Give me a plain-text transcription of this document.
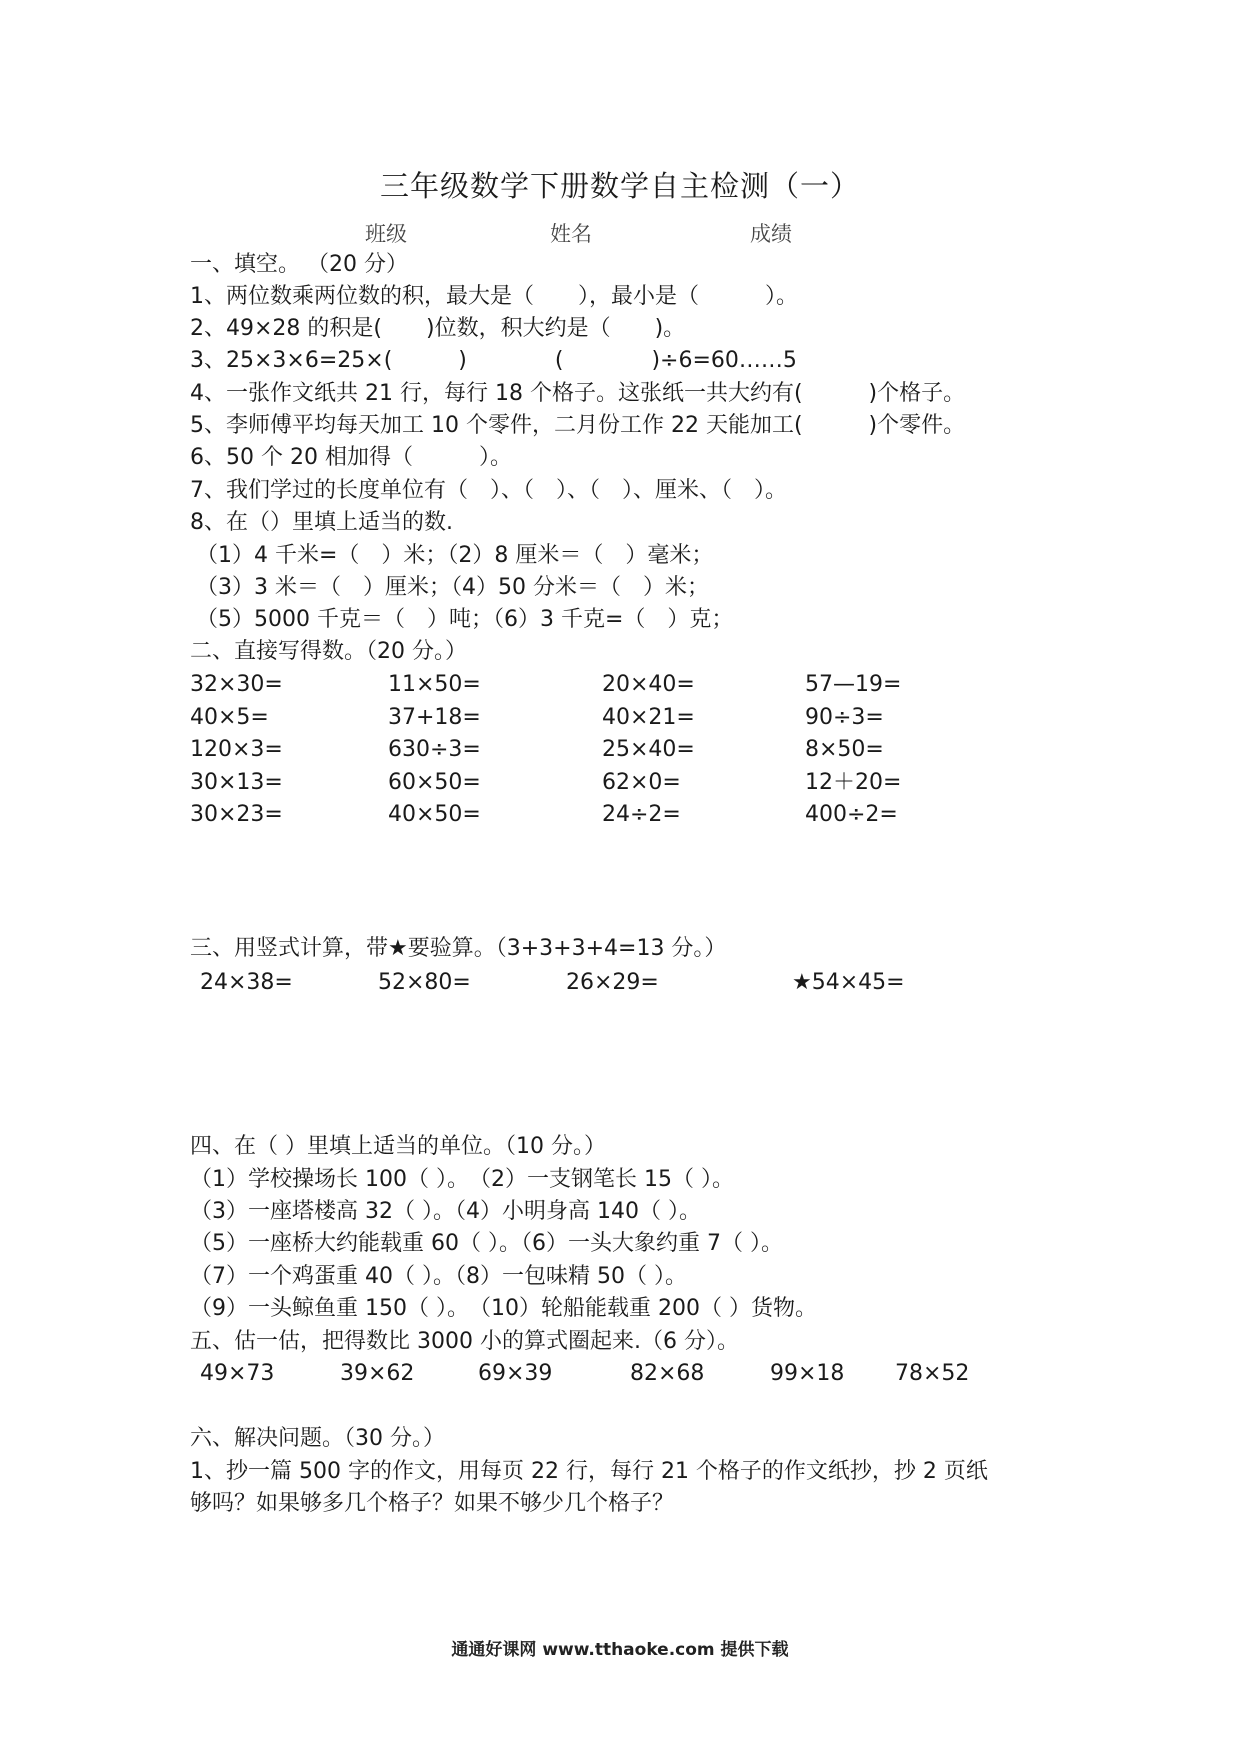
三年级数学下册数学自主检测（一）
班级	姓名	成绩
一、填空。 （20 分）
1、两位数乘两位数的积，最大是（　　），最小是（　　　）。
2、49×28 的积是(　　)位数，积大约是（　　)。
3、25×3×6=25×(　　　)　　　　(　　　　)÷6=60……5
4、一张作文纸共 21 行，每行 18 个格子。这张纸一共大约有(　　　)个格子。
5、李师傅平均每天加工 10 个零件，二月份工作 22 天能加工(　　　)个零件。
6、50 个 20 相加得（　　　）。
7、我们学过的长度单位有（　）、（　）、（　）、厘米、（　）。
8、在（）里填上适当的数.
（1）4 千米=（　）米；（2）8 厘米＝（　）毫米；
（3）3 米＝（　）厘米；（4）50 分米＝（　）米；
（5）5000 千克＝（　）吨；（6）3 千克=（　）克；
二、直接写得数。（20 分。）
32×30=	11×50=	20×40=	57—19=
40×5=	37+18=	40×21=	90÷3=
120×3=	630÷3=	25×40=	8×50=
30×13=	60×50=	62×0=	12＋20=
30×23=	40×50=	24÷2=	400÷2=
三、用竖式计算，带★要验算。（3+3+3+4=13 分。）
24×38=	52×80=	26×29=	★54×45=
四、在（ ）里填上适当的单位。（10 分。）
（1）学校操场长 100（ ）。　（2）一支钢笔长 15（ ）。
（3）一座塔楼高 32（ ）。（4）小明身高 140（ ）。
（5）一座桥大约能载重 60（ ）。（6）一头大象约重 7（ ）。
（7）一个鸡蛋重 40（ ）。（8）一包味精 50（ ）。
（9）一头鲸鱼重 150（ ）。　（10）轮船能载重 200（ ）货物。
五、估一估，把得数比 3000 小的算式圈起来.（6 分）。
49×73	39×62	69×39	82×68	99×18 78×52
六、解决问题。（30 分。）
1、抄一篇 500 字的作文，用每页 22 行，每行 21 个格子的作文纸抄，抄 2 页纸
够吗？如果够多几个格子？如果不够少几个格子？
通通好课网 www.tthaoke.com 提供下载
